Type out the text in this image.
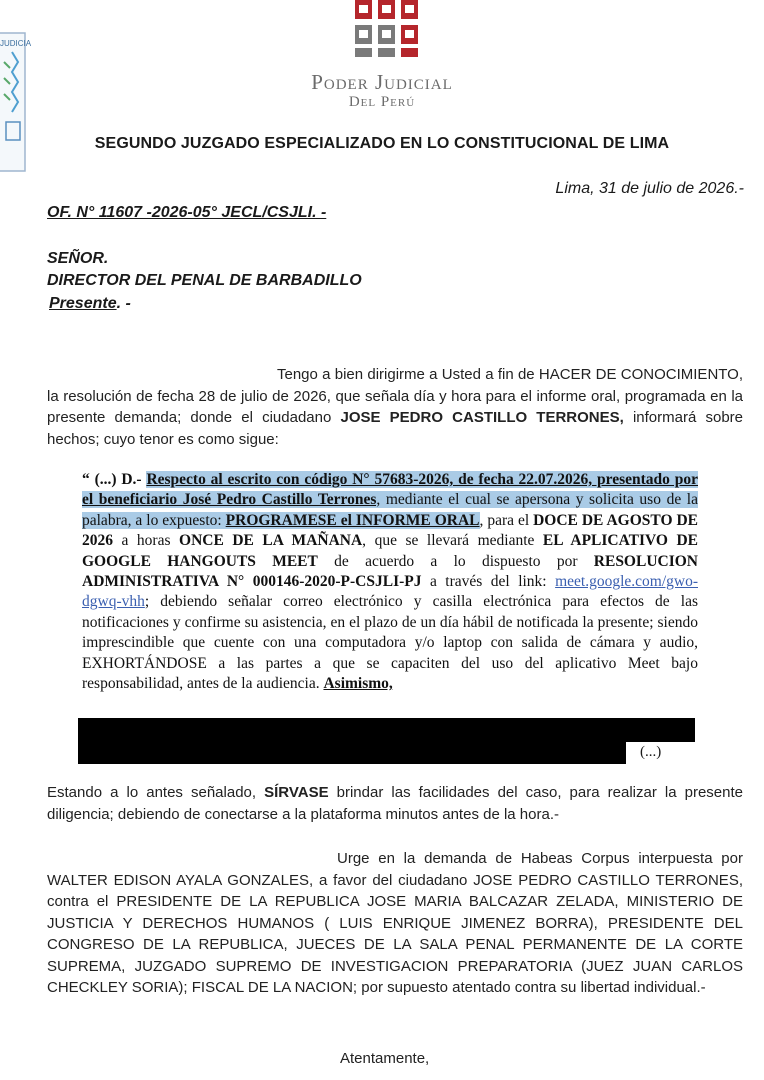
Poder Judicial
Del Perú
JUDICIA
SEGUNDO JUZGADO ESPECIALIZADO EN LO CONSTITUCIONAL DE LIMA
Lima, 31 de julio de 2026.-
OF. N° 11607 -2026-05° JECL/CSJLI. -
SEÑOR.
DIRECTOR DEL PENAL DE BARBADILLO
Presente. -
Tengo a bien dirigirme a Usted a fin de HACER DE CONOCIMIENTO, la resolución de fecha 28 de julio de 2026, que señala día y hora para el informe oral, programada en la presente demanda; donde el ciudadano JOSE PEDRO CASTILLO TERRONES, informará sobre hechos; cuyo tenor es como sigue:
“ (...) D.- Respecto al escrito con código N° 57683-2026, de fecha 22.07.2026, presentado por el beneficiario José Pedro Castillo Terrones, mediante el cual se apersona y solicita uso de la palabra, a lo expuesto: PROGRAMESE el INFORME ORAL, para el DOCE DE AGOSTO DE 2026 a horas ONCE DE LA MAÑANA, que se llevará mediante EL APLICATIVO DE GOOGLE HANGOUTS MEET de acuerdo a lo dispuesto por RESOLUCION ADMINISTRATIVA N° 000146-2020-P-CSJLI-PJ a través del link: meet.google.com/gwo-dgwq-vhh; debiendo señalar correo electrónico y casilla electrónica para efectos de las notificaciones y confirme su asistencia, en el plazo de un día hábil de notificada la presente; siendo imprescindible que cuente con una computadora y/o laptop con salida de cámara y audio, EXHORTÁNDOSE a las partes a que se capaciten del uso del aplicativo Meet bajo responsabilidad, antes de la audiencia. Asimismo,
(...)
Estando a lo antes señalado, SÍRVASE brindar las facilidades del caso, para realizar la presente diligencia; debiendo de conectarse a la plataforma minutos antes de la hora.-
Urge en la demanda de Habeas Corpus interpuesta por WALTER EDISON AYALA GONZALES, a favor del ciudadano JOSE PEDRO CASTILLO TERRONES, contra el PRESIDENTE DE LA REPUBLICA JOSE MARIA BALCAZAR ZELADA, MINISTERIO DE JUSTICIA Y DERECHOS HUMANOS ( LUIS ENRIQUE JIMENEZ BORRA), PRESIDENTE DEL CONGRESO DE LA REPUBLICA, JUECES DE LA SALA PENAL PERMANENTE DE LA CORTE SUPREMA, JUZGADO SUPREMO DE INVESTIGACION PREPARATORIA (JUEZ JUAN CARLOS CHECKLEY SORIA); FISCAL DE LA NACION; por supuesto atentado contra su libertad individual.-
Atentamente,
